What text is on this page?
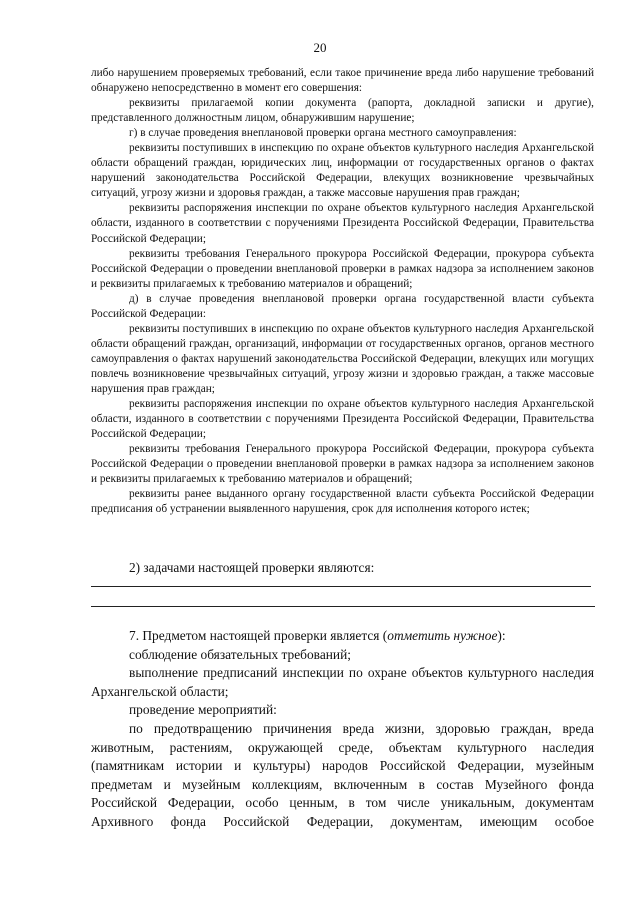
20

либо нарушением проверяемых требований, если такое причинение вреда либо нарушение требований обнаружено непосредственно в момент его совершения:

реквизиты прилагаемой копии документа (рапорта, докладной записки и другие), представленного должностным лицом, обнаружившим нарушение;

г) в случае проведения внеплановой проверки органа местного самоуправления:

реквизиты поступивших в инспекцию по охране объектов культурного наследия Архангельской области обращений граждан, юридических лиц, информации от государственных органов о фактах нарушений законодательства Российской Федерации, влекущих возникновение чрезвычайных ситуаций, угрозу жизни и здоровья граждан, а также массовые нарушения прав граждан;

реквизиты распоряжения инспекции по охране объектов культурного наследия Архангельской области, изданного в соответствии с поручениями Президента Российской Федерации, Правительства Российской Федерации;

реквизиты требования Генерального прокурора Российской Федерации, прокурора субъекта Российской Федерации о проведении внеплановой проверки в рамках надзора за исполнением законов и реквизиты прилагаемых к требованию материалов и обращений;

д) в случае проведения внеплановой проверки органа государственной власти субъекта Российской Федерации:

реквизиты поступивших в инспекцию по охране объектов культурного наследия Архангельской области обращений граждан, организаций, информации от государственных органов, органов местного самоуправления о фактах нарушений законодательства Российской Федерации, влекущих или могущих повлечь возникновение чрезвычайных ситуаций, угрозу жизни и здоровью граждан, а также массовые нарушения прав граждан;

реквизиты распоряжения инспекции по охране объектов культурного наследия Архангельской области, изданного в соответствии с поручениями Президента Российской Федерации, Правительства Российской Федерации;

реквизиты требования Генерального прокурора Российской Федерации, прокурора субъекта Российской Федерации о проведении внеплановой проверки в рамках надзора за исполнением законов и реквизиты прилагаемых к требованию материалов и обращений;

реквизиты ранее выданного органу государственной власти субъекта Российской Федерации предписания об устранении выявленного нарушения, срок для исполнения которого истек;

2) задачами настоящей проверки являются:

7. Предметом настоящей проверки является (отметить нужное):

соблюдение обязательных требований;

выполнение предписаний инспекции по охране объектов культурного наследия Архангельской области;

проведение мероприятий:

по предотвращению причинения вреда жизни, здоровью граждан, вреда животным, растениям, окружающей среде, объектам культурного наследия (памятникам истории и культуры) народов Российской Федерации, музейным предметам и музейным коллекциям, включенным в состав Музейного фонда Российской Федерации, особо ценным, в том числе уникальным, документам Архивного фонда Российской Федерации, документам, имеющим особое
